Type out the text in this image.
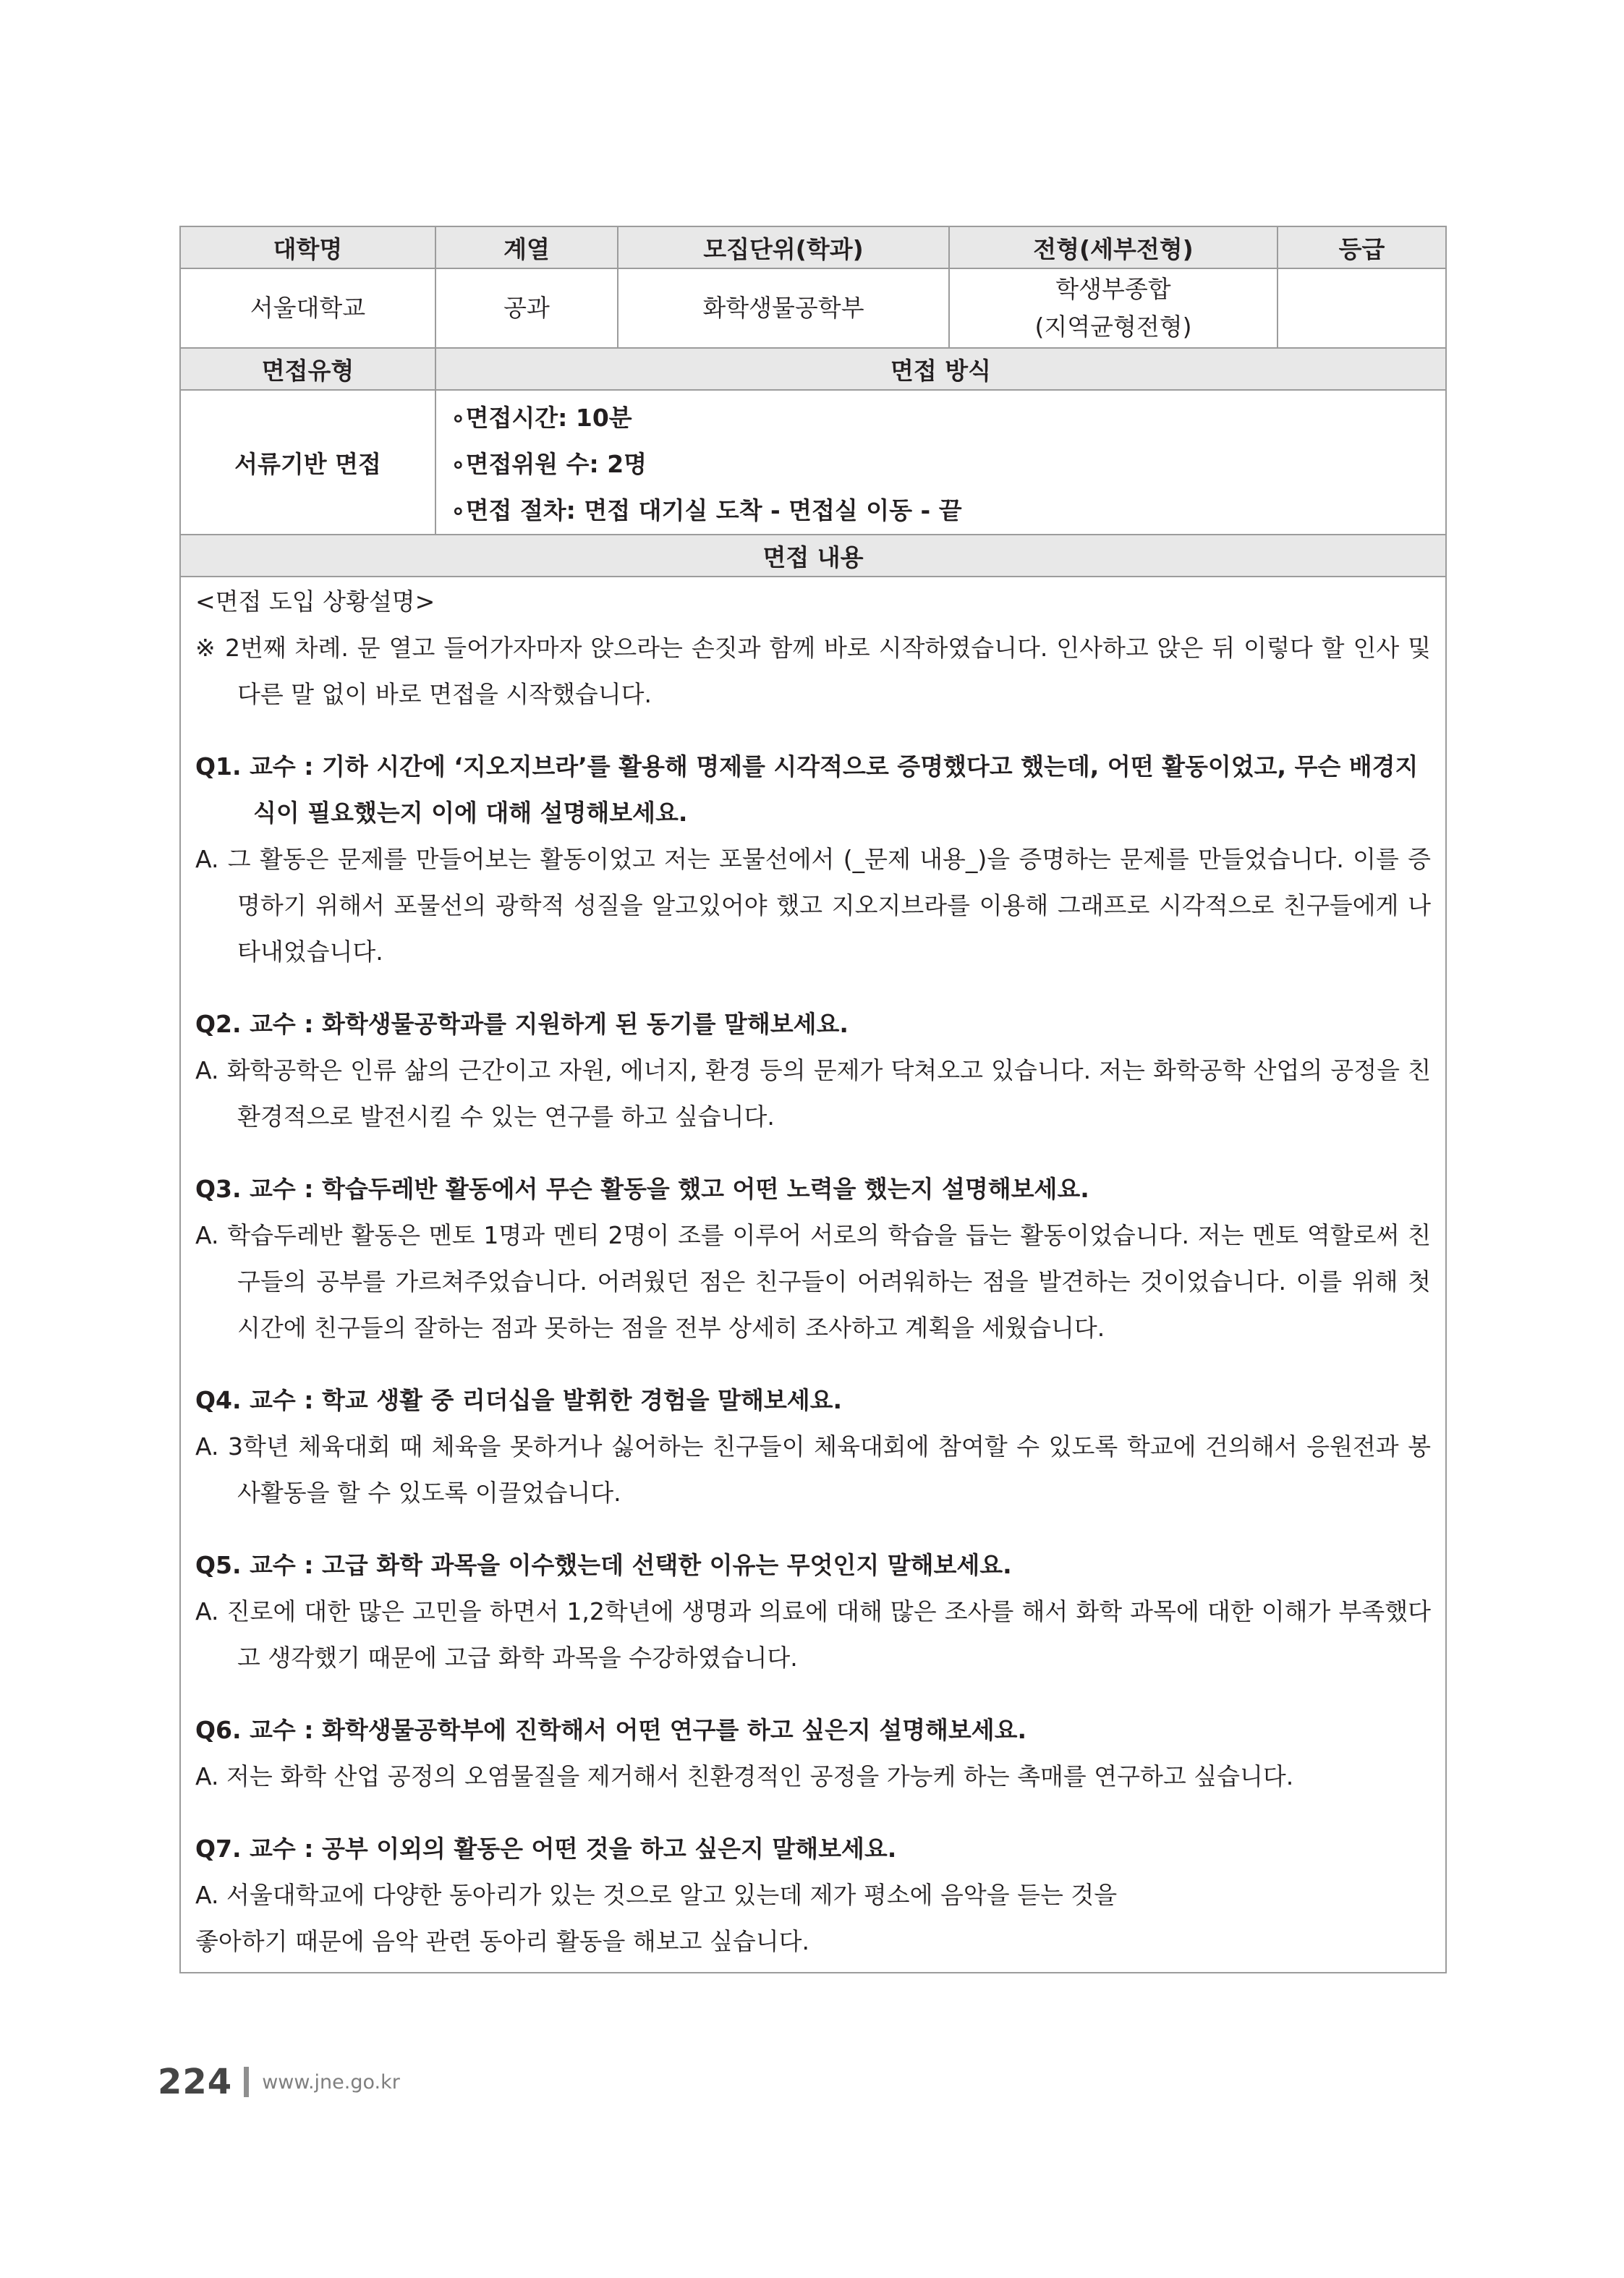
대학명	계열	모집단위(학과)	전형(세부전형)	등급
서울대학교	공과	화학생물공학부	학생부종합
(지역균형전형)	
면접유형	면접 방식			
서류기반 면접	∘면접시간: 10분
∘면접위원 수: 2명
∘면접 절차: 면접 대기실 도착 - 면접실 이동 - 끝			

면접 내용				

<면접 도입 상황설명>

※ 2번째 차례. 문 열고 들어가자마자 앉으라는 손짓과 함께 바로 시작하였습니다. 인사하고 앉은 뒤 이렇다 할 인사 및 다른 말 없이 바로 면접을 시작했습니다.

Q1. 교수 : 기하 시간에 ‘지오지브라’를 활용해 명제를 시각적으로 증명했다고 했는데, 어떤 활동이었고, 무슨 배경지식이 필요했는지 이에 대해 설명해보세요.

A. 그 활동은 문제를 만들어보는 활동이었고 저는 포물선에서 (_문제 내용_)을 증명하는 문제를 만들었습니다. 이를 증명하기 위해서 포물선의 광학적 성질을 알고있어야 했고 지오지브라를 이용해 그래프로 시각적으로 친구들에게 나타내었습니다.

Q2. 교수 : 화학생물공학과를 지원하게 된 동기를 말해보세요.

A. 화학공학은 인류 삶의 근간이고 자원, 에너지, 환경 등의 문제가 닥쳐오고 있습니다. 저는 화학공학 산업의 공정을 친환경적으로 발전시킬 수 있는 연구를 하고 싶습니다.

Q3. 교수 : 학습두레반 활동에서 무슨 활동을 했고 어떤 노력을 했는지 설명해보세요.

A. 학습두레반 활동은 멘토 1명과 멘티 2명이 조를 이루어 서로의 학습을 듭는 활동이었습니다. 저는 멘토 역할로써 친구들의 공부를 가르쳐주었습니다. 어려웠던 점은 친구들이 어려워하는 점을 발견하는 것이었습니다. 이를 위해 첫 시간에 친구들의 잘하는 점과 못하는 점을 전부 상세히 조사하고 계획을 세웠습니다.

Q4. 교수 : 학교 생활 중 리더십을 발휘한 경험을 말해보세요.

A. 3학년 체육대회 때 체육을 못하거나 싫어하는 친구들이 체육대회에 참여할 수 있도록 학교에 건의해서 응원전과 봉사활동을 할 수 있도록 이끌었습니다.

Q5. 교수 : 고급 화학 과목을 이수했는데 선택한 이유는 무엇인지 말해보세요.

A. 진로에 대한 많은 고민을 하면서 1,2학년에 생명과 의료에 대해 많은 조사를 해서 화학 과목에 대한 이해가 부족했다고 생각했기 때문에 고급 화학 과목을 수강하였습니다.

Q6. 교수 : 화학생물공학부에 진학해서 어떤 연구를 하고 싶은지 설명해보세요.

A. 저는 화학 산업 공정의 오염물질을 제거해서 친환경적인 공정을 가능케 하는 촉매를 연구하고 싶습니다.

Q7. 교수 : 공부 이외의 활동은 어떤 것을 하고 싶은지 말해보세요.

A. 서울대학교에 다양한 동아리가 있는 것으로 알고 있는데 제가 평소에 음악을 듣는 것을

좋아하기 때문에 음악 관련 동아리 활동을 해보고 싶습니다.

224 www.jne.go.kr
